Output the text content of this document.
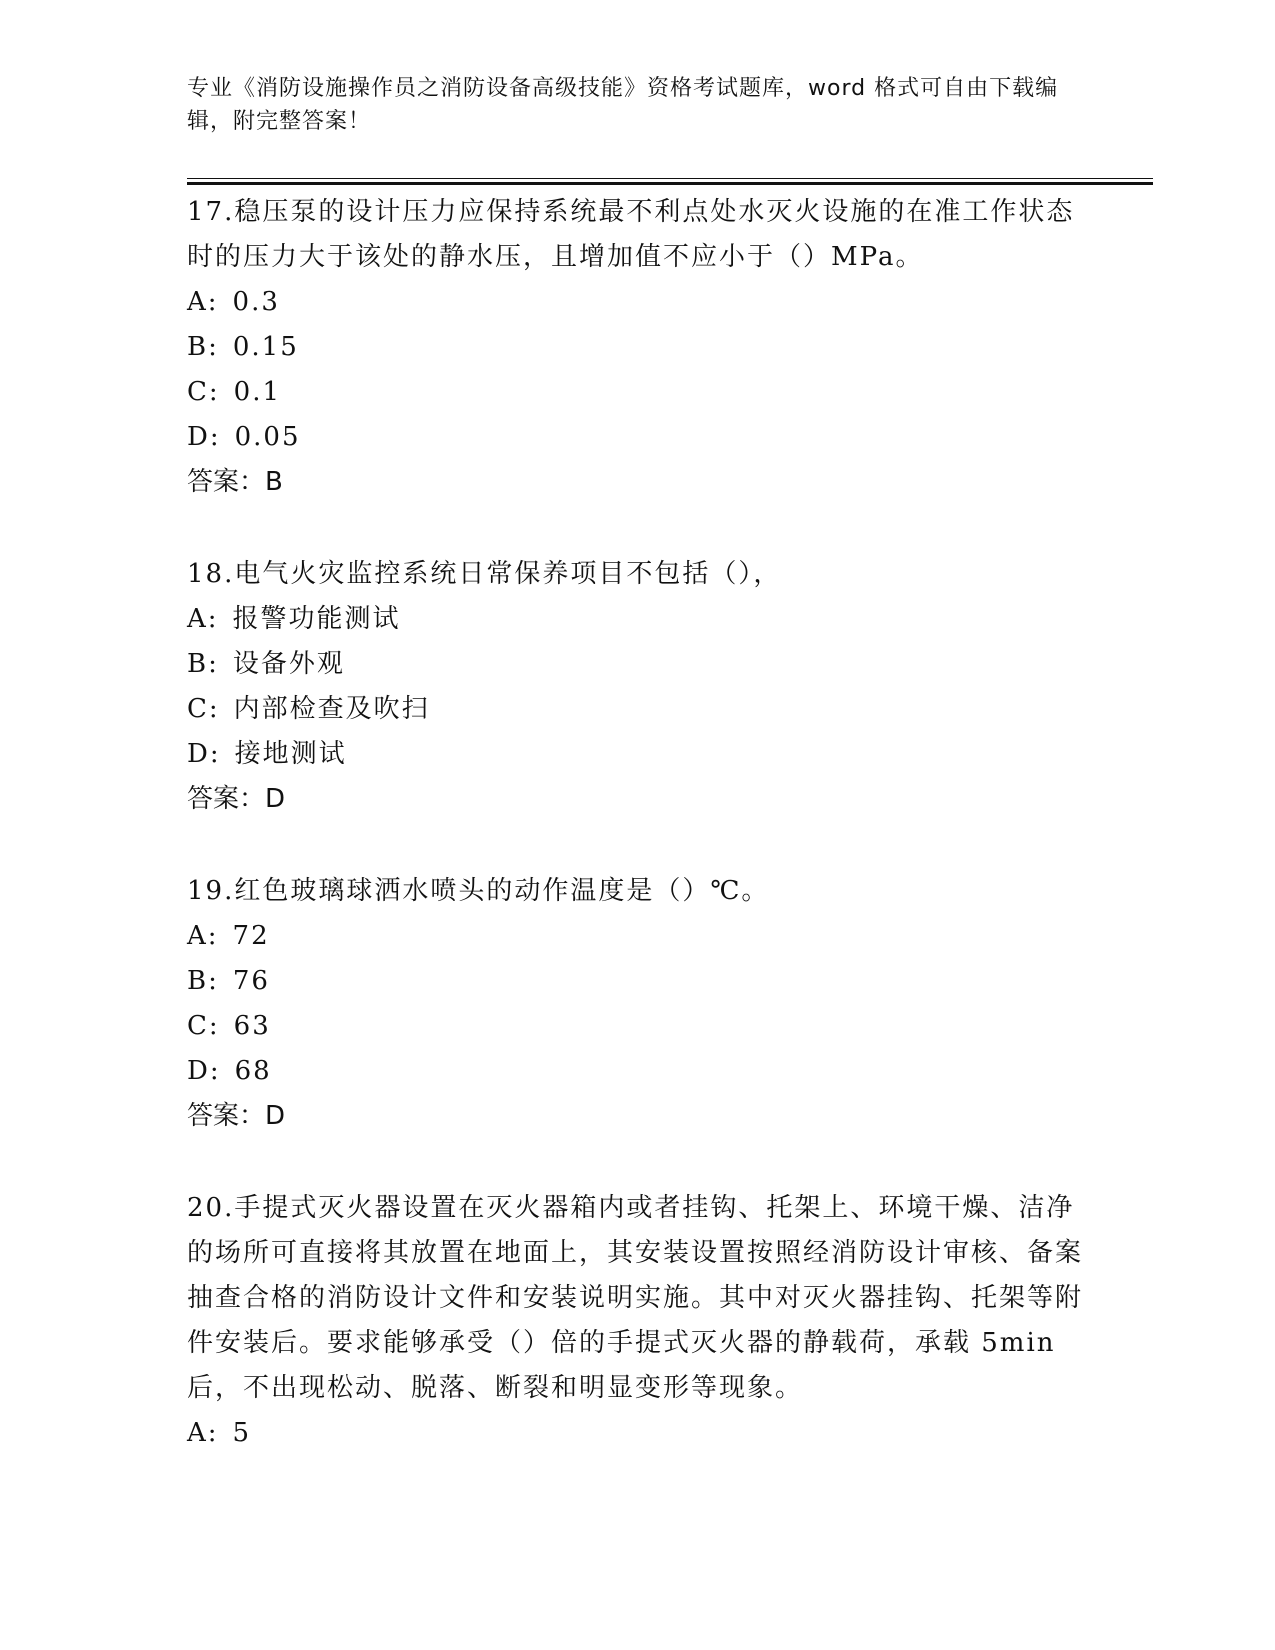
专业《消防设施操作员之消防设备高级技能》资格考试题库，word 格式可自由下载编辑，附完整答案！

17.稳压泵的设计压力应保持系统最不利点处水灭火设施的在准工作状态时的压力大于该处的静水压，且增加值不应小于（）MPa。

A: 0.3
B: 0.15
C: 0.1
D: 0.05

答案：B

18.电气火灾监控系统日常保养项目不包括（），

A: 报警功能测试
B: 设备外观
C: 内部检查及吹扫
D: 接地测试

答案：D

19.红色玻璃球洒水喷头的动作温度是（）℃。

A: 72
B: 76
C: 63
D: 68

答案：D

20.手提式灭火器设置在灭火器箱内或者挂钩、托架上、环境干燥、洁净的场所可直接将其放置在地面上，其安装设置按照经消防设计审核、备案抽查合格的消防设计文件和安装说明实施。其中对灭火器挂钩、托架等附件安装后。要求能够承受（）倍的手提式灭火器的静载荷，承载 5min 后，不出现松动、脱落、断裂和明显变形等现象。

A: 5
